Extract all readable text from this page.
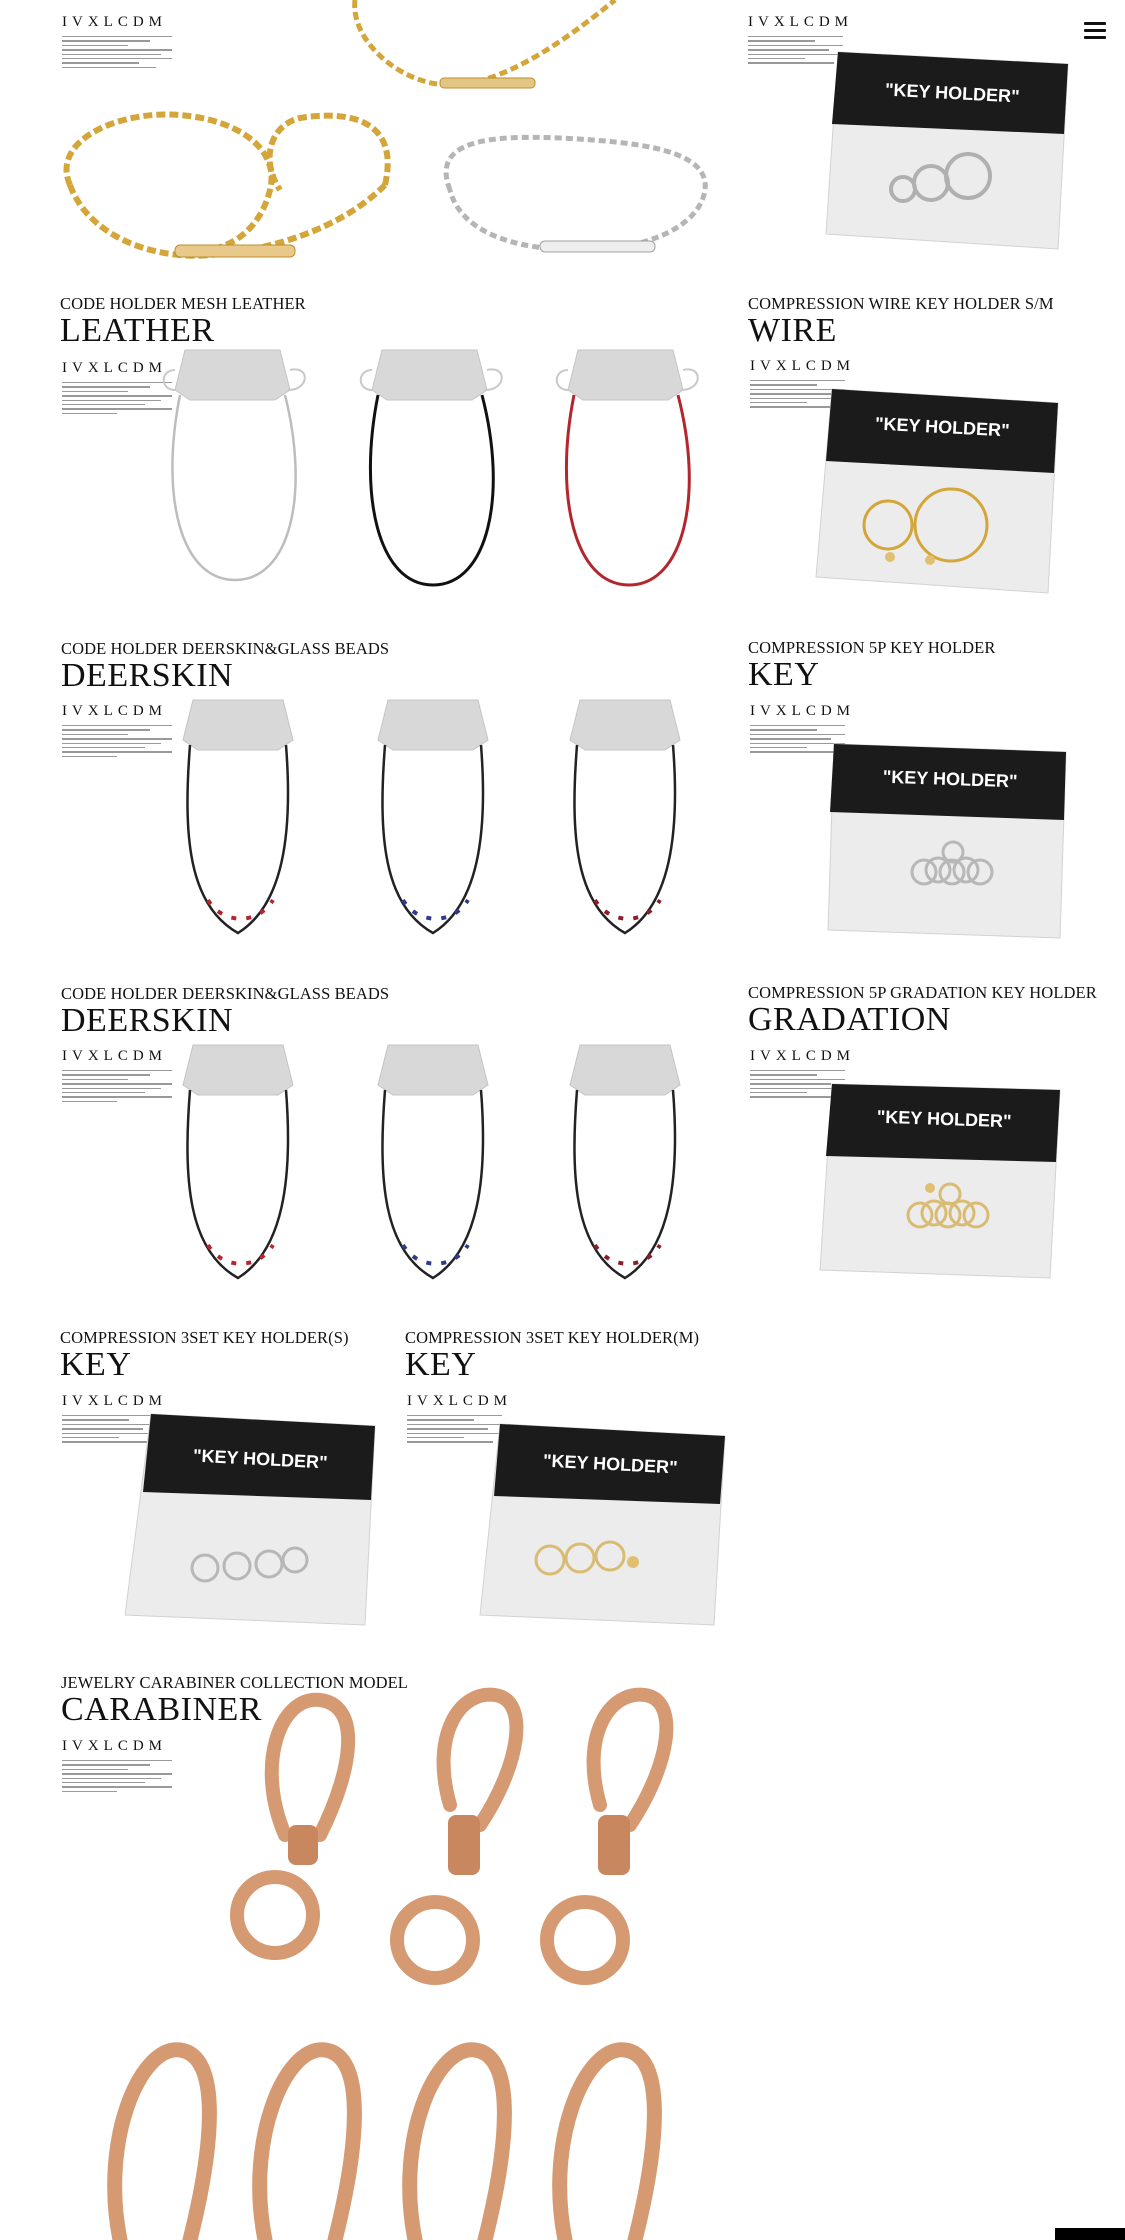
IVXLCDM	IVXLCDM
"KEY HOLDER"
CODE HOLDER MESH LEATHER
LEATHER
IVXLCDM
COMPRESSION WIRE KEY HOLDER S/M
WIRE
IVXLCDM
"KEY HOLDER"
CODE HOLDER DEERSKIN&GLASS BEADS
DEERSKIN
IVXLCDM
COMPRESSION 5P KEY HOLDER
KEY
IVXLCDM
"KEY HOLDER"
CODE HOLDER DEERSKIN&GLASS BEADS
DEERSKIN
IVXLCDM
COMPRESSION 5P GRADATION KEY HOLDER
GRADATION
IVXLCDM
"KEY HOLDER"
COMPRESSION 3SET KEY HOLDER(S)
KEY
IVXLCDM
"KEY HOLDER"
COMPRESSION 3SET KEY HOLDER(M)
KEY
IVXLCDM
"KEY HOLDER"
JEWELRY CARABINER COLLECTION MODEL
CARABINER
IVXLCDM
